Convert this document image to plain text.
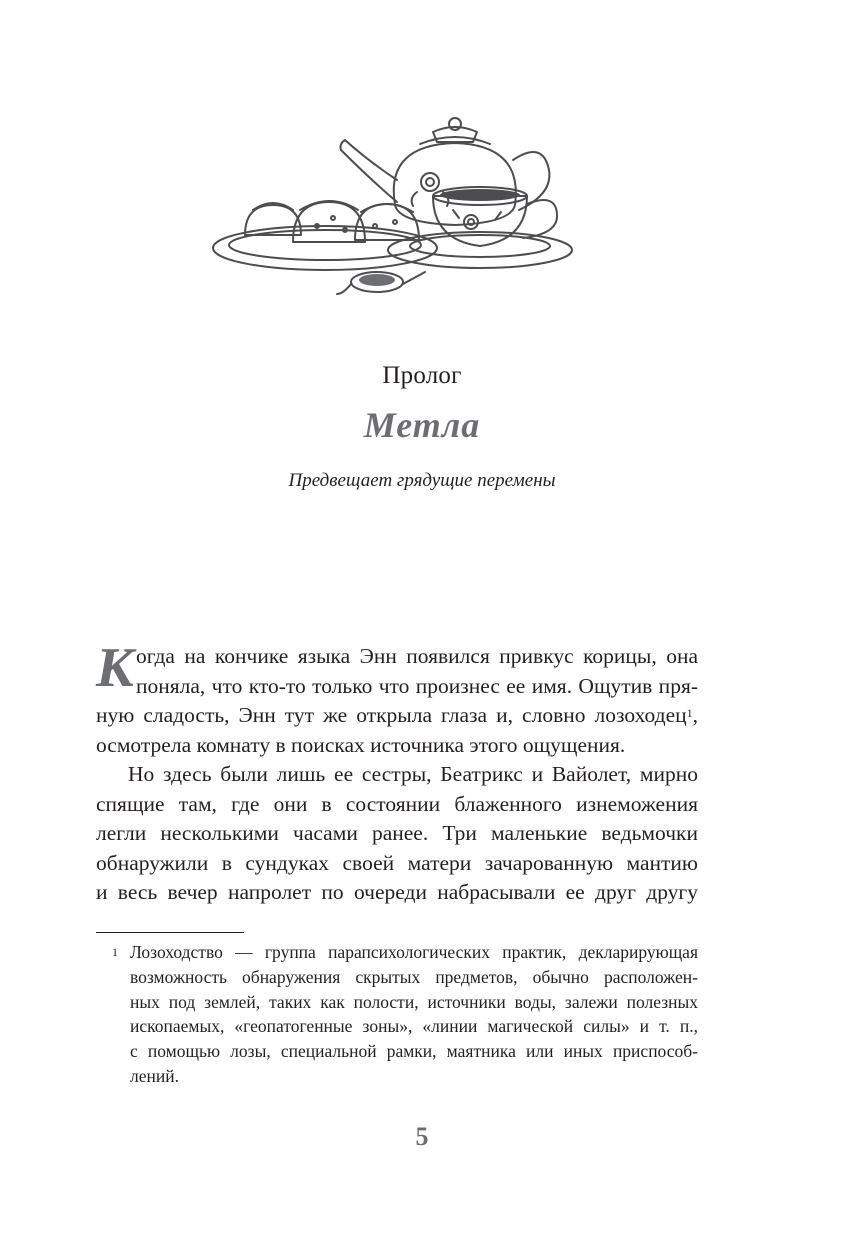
Пролог
Метла
Предвещает грядущие перемены
К огда на кончике языка Энн появился привкус корицы, она
поняла, что кто-то только что произнес ее имя. Ощутив пря-
ную сладость, Энн тут же открыла глаза и, словно лозоходец$^1$,
осмотрела комнату в поисках источника этого ощущения.
Но здесь были лишь ее сестры, Беатрикс и Вайолет, мирно
спящие там, где они в состоянии блаженного изнеможения
легли несколькими часами ранее. Три маленькие ведьмочки
обнаружили в сундуках своей матери зачарованную мантию
и весь вечер напролет по очереди набрасывали ее друг другу
1 Лозоходство — группа парапсихологических практик, декларирующая
возможность обнаружения скрытых предметов, обычно расположен-
ных под землей, таких как полости, источники воды, залежи полезных
ископаемых, «геопатогенные зоны», «линии магической силы» и т. п.,
с помощью лозы, специальной рамки, маятника или иных приспособ-
лений.
5
